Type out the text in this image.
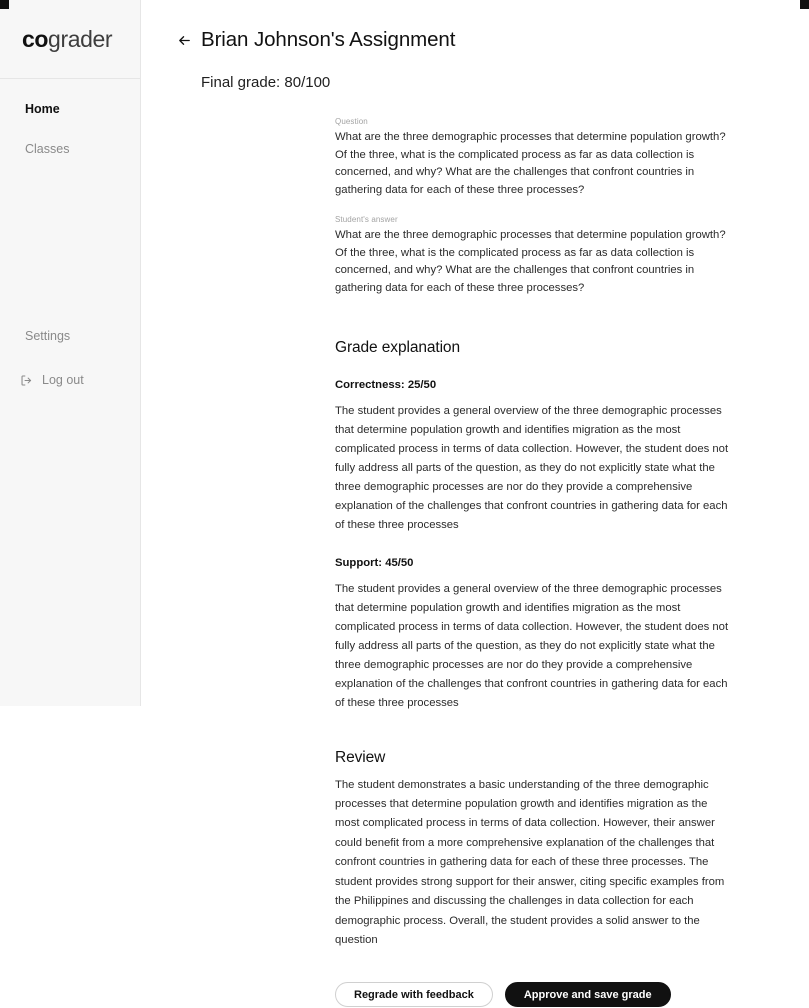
cograder
Home
Classes
Settings
Log out
Brian Johnson's Assignment
Final grade: 80/100
Question
What are the three demographic processes that determine population growth? Of the three, what is the complicated process as far as data collection is concerned, and why? What are the challenges that confront countries in gathering data for each of these three processes?
Student's answer
What are the three demographic processes that determine population growth? Of the three, what is the complicated process as far as data collection is concerned, and why? What are the challenges that confront countries in gathering data for each of these three processes?
Grade explanation
Correctness: 25/50
The student provides a general overview of the three demographic processes that determine population growth and identifies migration as the most complicated process in terms of data collection. However, the student does not fully address all parts of the question, as they do not explicitly state what the three demographic processes are nor do they provide a comprehensive explanation of the challenges that confront countries in gathering data for each of these three processes
Support: 45/50
The student provides a general overview of the three demographic processes that determine population growth and identifies migration as the most complicated process in terms of data collection. However, the student does not fully address all parts of the question, as they do not explicitly state what the three demographic processes are nor do they provide a comprehensive explanation of the challenges that confront countries in gathering data for each of these three processes
Review
The student demonstrates a basic understanding of the three demographic processes that determine population growth and identifies migration as the most complicated process in terms of data collection. However, their answer could benefit from a more comprehensive explanation of the challenges that confront countries in gathering data for each of these three processes. The student provides strong support for their answer, citing specific examples from the Philippines and discussing the challenges in data collection for each demographic process. Overall, the student provides a solid answer to the question
Regrade with feedback	Approve and save grade
